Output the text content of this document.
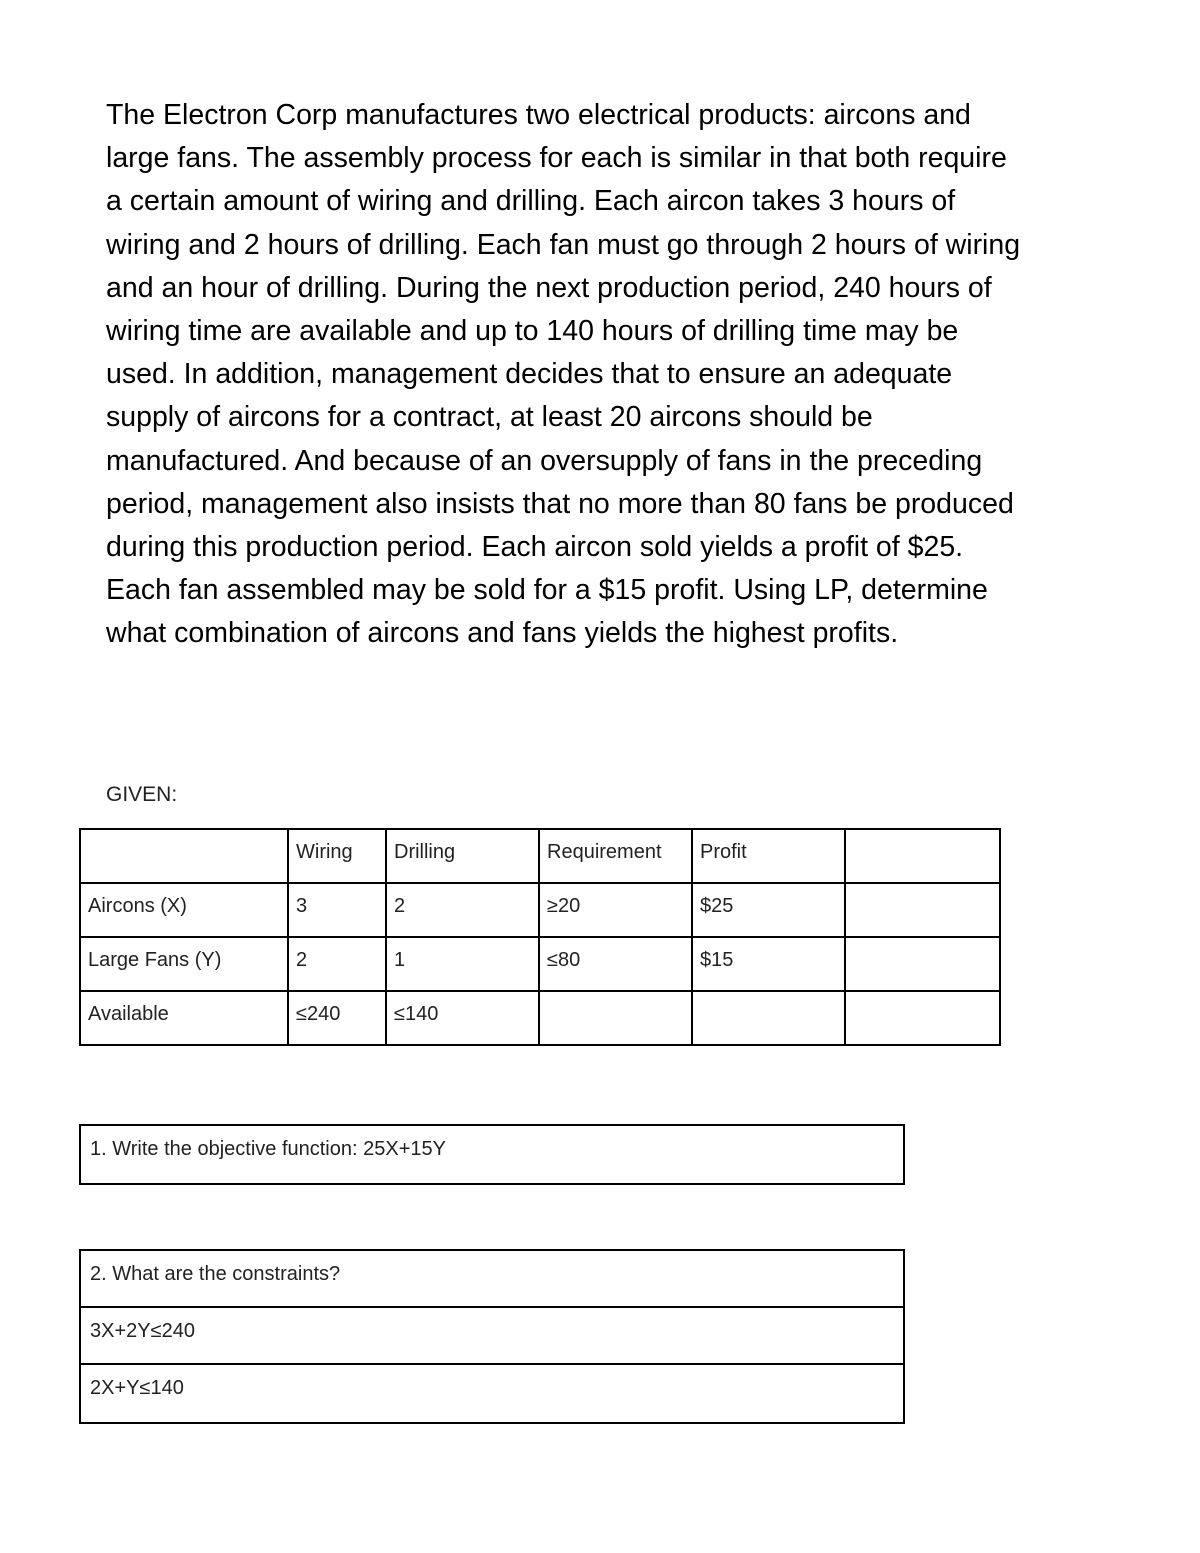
The Electron Corp manufactures two electrical products: aircons and
large fans. The assembly process for each is similar in that both require
a certain amount of wiring and drilling. Each aircon takes 3 hours of
wiring and 2 hours of drilling. Each fan must go through 2 hours of wiring
and an hour of drilling. During the next production period, 240 hours of
wiring time are available and up to 140 hours of drilling time may be
used. In addition, management decides that to ensure an adequate
supply of aircons for a contract, at least 20 aircons should be
manufactured. And because of an oversupply of fans in the preceding
period, management also insists that no more than 80 fans be produced
during this production period. Each aircon sold yields a profit of $25.
Each fan assembled may be sold for a $15 profit. Using LP, determine
what combination of aircons and fans yields the highest profits.
GIVEN:

	Wiring	Drilling	Requirement	Profit	

Aircons (X)	3	2	≥20	$25	

Large Fans (Y)	2	1	≤80	$15	

Available	≤240	≤140			

1. Write the objective function: 25X+15Y
2. What are the constraints?
3X+2Y≤240
2X+Y≤140
